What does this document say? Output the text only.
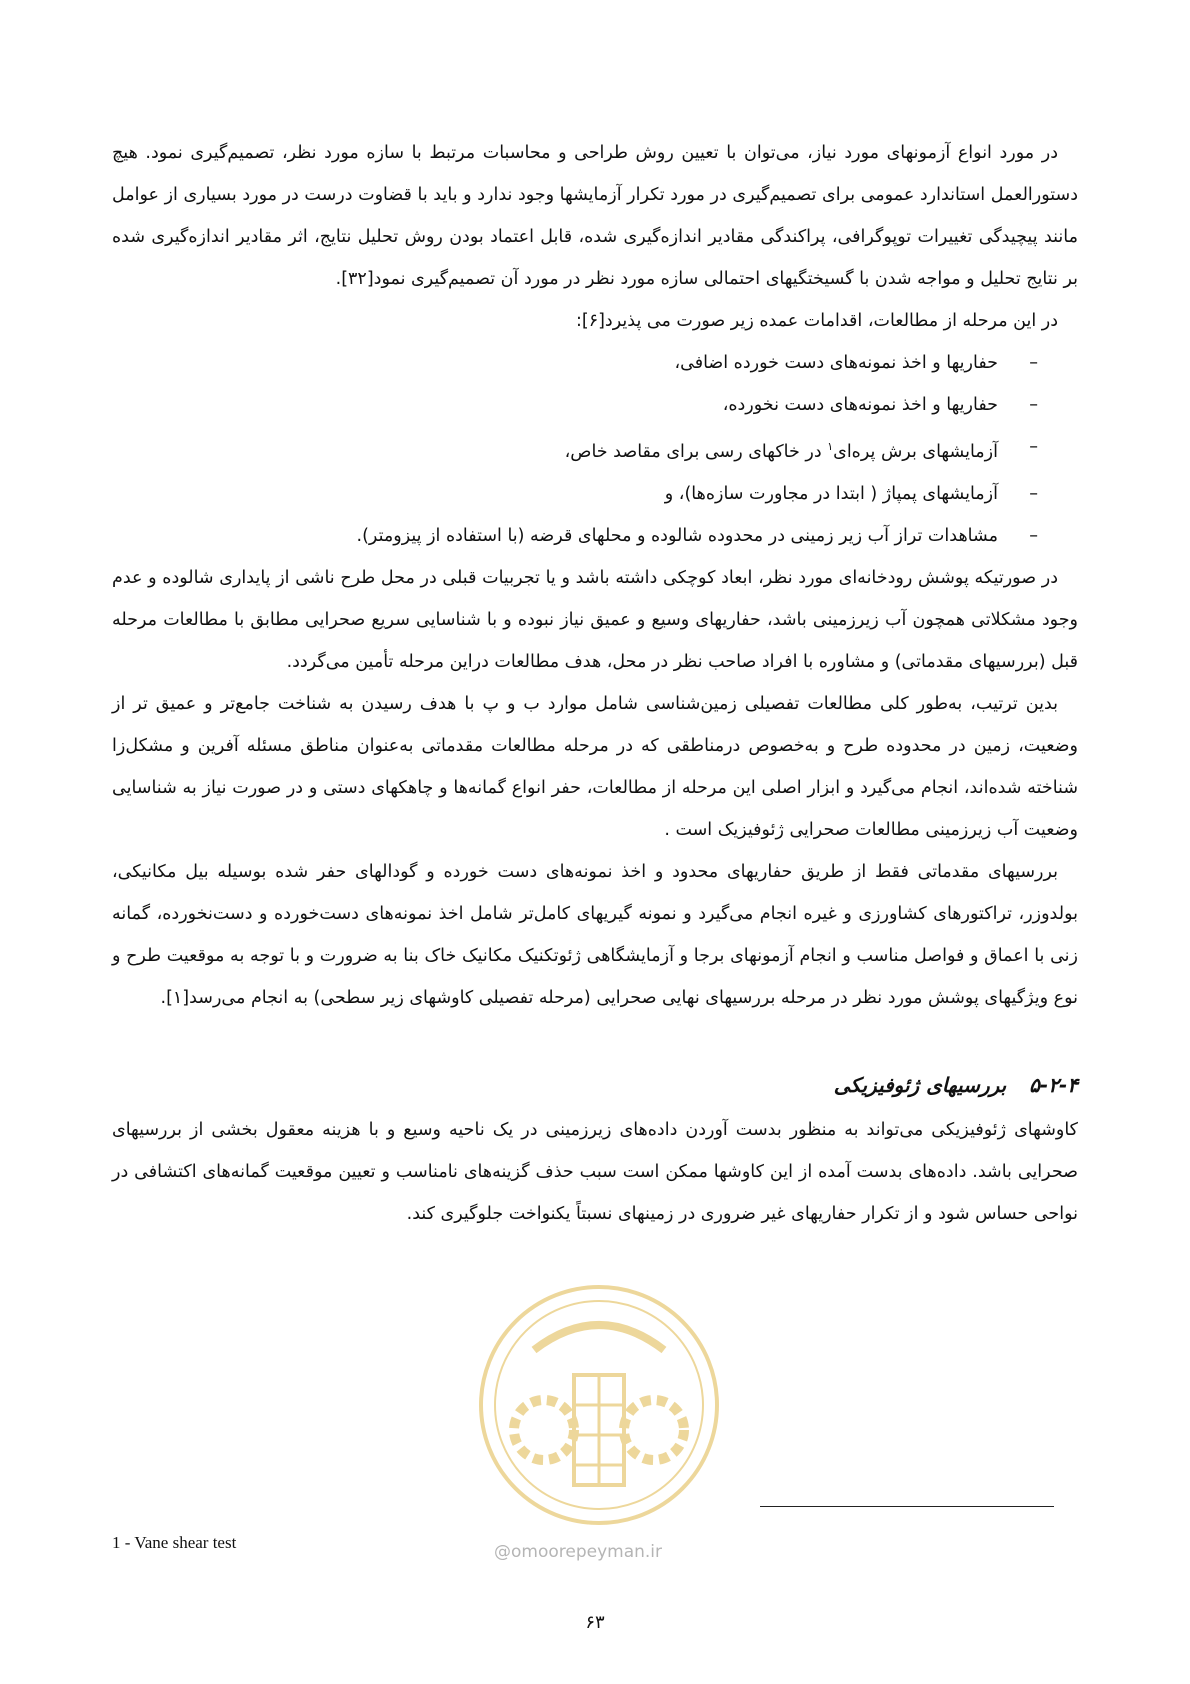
در مورد انواع آزمونهای مورد نیاز، می‌توان با تعیین روش طراحی و محاسبات مرتبط با سازه مورد نظر، تصمیم‌گیری نمود. هیچ دستورالعمل استاندارد عمومی برای تصمیم‌گیری در مورد تکرار آزمایشها وجود ندارد و باید با قضاوت درست در مورد بسیاری از عوامل مانند پیچیدگی تغییرات توپوگرافی، پراکندگی مقادیر اندازه‌گیری شده، قابل اعتماد بودن روش تحلیل نتایج، اثر مقادیر اندازه‌گیری شده بر نتایج تحلیل و مواجه شدن با گسیختگیهای احتمالی سازه مورد نظر در مورد آن تصمیم‌گیری نمود[۳۲].

در این مرحله از مطالعات، اقدامات عمده زیر صورت می پذیرد[۶]:

–
حفاریها و اخذ نمونه‌های دست خورده اضافی،
–
حفاریها و اخذ نمونه‌های دست نخورده،
–
آزمایشهای برش پره‌ای$^۱$ در خاکهای رسی برای مقاصد خاص،
–
آزمایشهای پمپاژ ( ابتدا در مجاورت سازه‌ها)، و
–
مشاهدات تراز آب زیر زمینی در محدوده شالوده و محلهای قرضه (با استفاده از پیزومتر).

در صورتیکه پوشش رودخانه‌ای مورد نظر، ابعاد کوچکی داشته باشد و یا تجربیات قبلی در محل طرح ناشی از پایداری شالوده و عدم وجود مشکلاتی همچون آب زیرزمینی باشد، حفاریهای وسیع و عمیق نیاز نبوده و با شناسایی سریع صحرایی مطابق با مطالعات مرحله قبل (بررسیهای مقدماتی) و مشاوره با افراد صاحب نظر در محل، هدف مطالعات دراین مرحله تأمین می‌گردد.

بدین ترتیب، به‌طور کلی مطالعات تفصیلی زمین‌شناسی شامل موارد ب و پ با هدف رسیدن به شناخت جامع‌تر و عمیق تر از وضعیت، زمین در محدوده طرح و به‌خصوص درمناطقی که در مرحله مطالعات مقدماتی به‌عنوان مناطق مسئله آفرین و مشکل‌زا شناخته شده‌اند، انجام می‌گیرد و ابزار اصلی این مرحله از مطالعات، حفر انواع گمانه‌ها و چاهکهای دستی و در صورت نیاز به شناسایی وضعیت آب زیرزمینی مطالعات صحرایی ژئوفیزیک است .

بررسیهای مقدماتی فقط از طریق حفاریهای محدود و اخذ نمونه‌های دست خورده و گودالهای حفر شده بوسیله بیل مکانیکی، بولدوزر، تراکتورهای کشاورزی و غیره انجام می‌گیرد و نمونه گیریهای کامل‌تر شامل اخذ نمونه‌های دست‌خورده و دست‌نخورده، گمانه زنی با اعماق و فواصل مناسب و انجام آزمونهای برجا و آزمایشگاهی ژئوتکنیک مکانیک خاک بنا به ضرورت و با توجه به موقعیت طرح و نوع ویژگیهای پوشش مورد نظر در مرحله بررسیهای نهایی صحرایی (مرحله تفصیلی کاوشهای زیر سطحی) به انجام می‌رسد[۱].

۵-۲-۴ بررسیهای ژئوفیزیکی

کاوشهای ژئوفیزیکی می‌تواند به منظور بدست آوردن داده‌های زیرزمینی در یک ناحیه وسیع و با هزینه معقول بخشی از بررسیهای صحرایی باشد. داده‌های بدست آمده از این کاوشها ممکن است سبب حذف گزینه‌های نامناسب و تعیین موقعیت گمانه‌های اکتشافی در نواحی حساس شود و از تکرار حفاریهای غیر ضروری در زمینهای نسبتاً یکنواخت جلوگیری کند.

@omoorepeyman.ir
1 - Vane shear test
۶۳
